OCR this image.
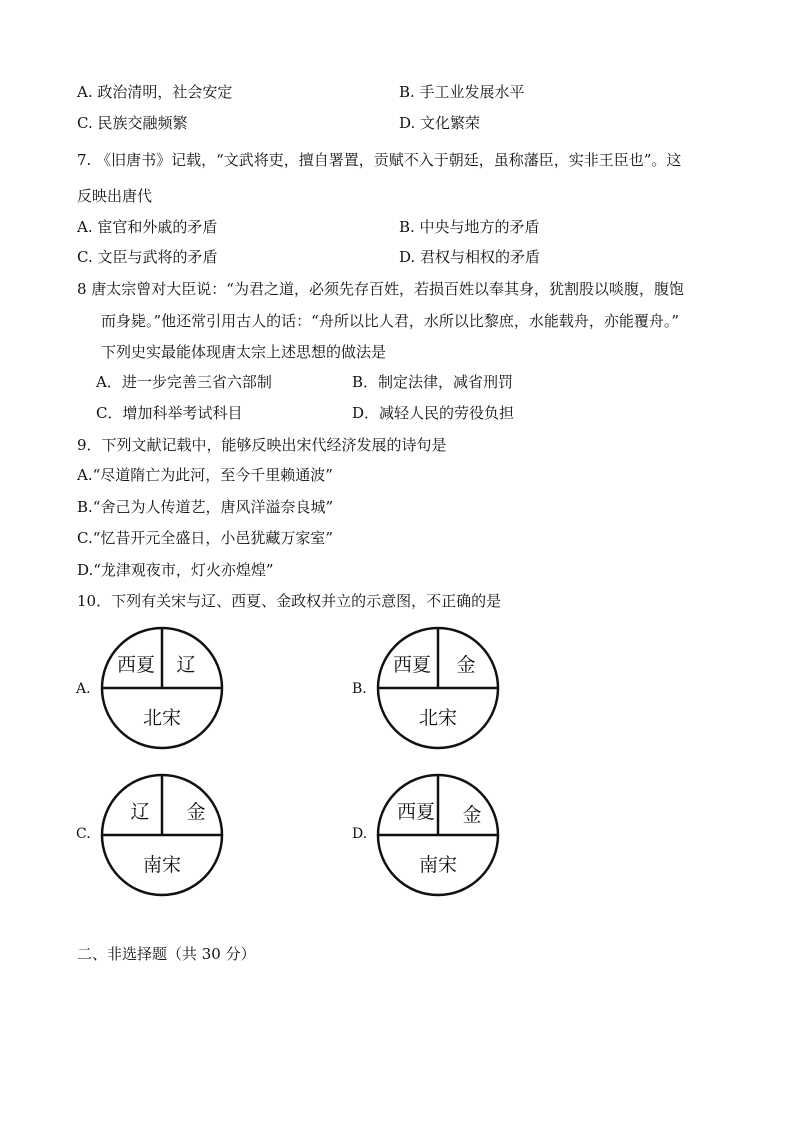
A. 政治清明，社会安定	B. 手工业发展水平
C. 民族交融频繁	D. 文化繁荣
7. 《旧唐书》记载，“文武将吏，擅自署置，贡赋不入于朝廷，虽称藩臣，实非王臣也”。这
反映出唐代
A. 宦官和外戚的矛盾	B. 中央与地方的矛盾
C. 文臣与武将的矛盾	D. 君权与相权的矛盾
8 唐太宗曾对大臣说：“为君之道，必须先存百姓，若损百姓以奉其身，犹割股以啖腹，腹饱
而身毙。”他还常引用古人的话：“舟所以比人君，水所以比黎庶，水能载舟，亦能覆舟。”
下列史实最能体现唐太宗上述思想的做法是
A．进一步完善三省六部制	B．制定法律，减省刑罚
C．增加科举考试科目	D．减轻人民的劳役负担
9．下列文献记载中，能够反映出宋代经济发展的诗句是
A.“尽道隋亡为此河，至今千里赖通波”
B.“舍己为人传道艺，唐风洋溢奈良城”
C.“忆昔开元全盛日，小邑犹藏万家室”
D.“龙津观夜市，灯火亦煌煌”
10．下列有关宋与辽、西夏、金政权并立的示意图，不正确的是
A.
西夏 辽
北宋
B.
西夏 金
北宋
C.
辽 金
南宋
D.
西夏 金
南宋
二、非选择题（共 30 分）
